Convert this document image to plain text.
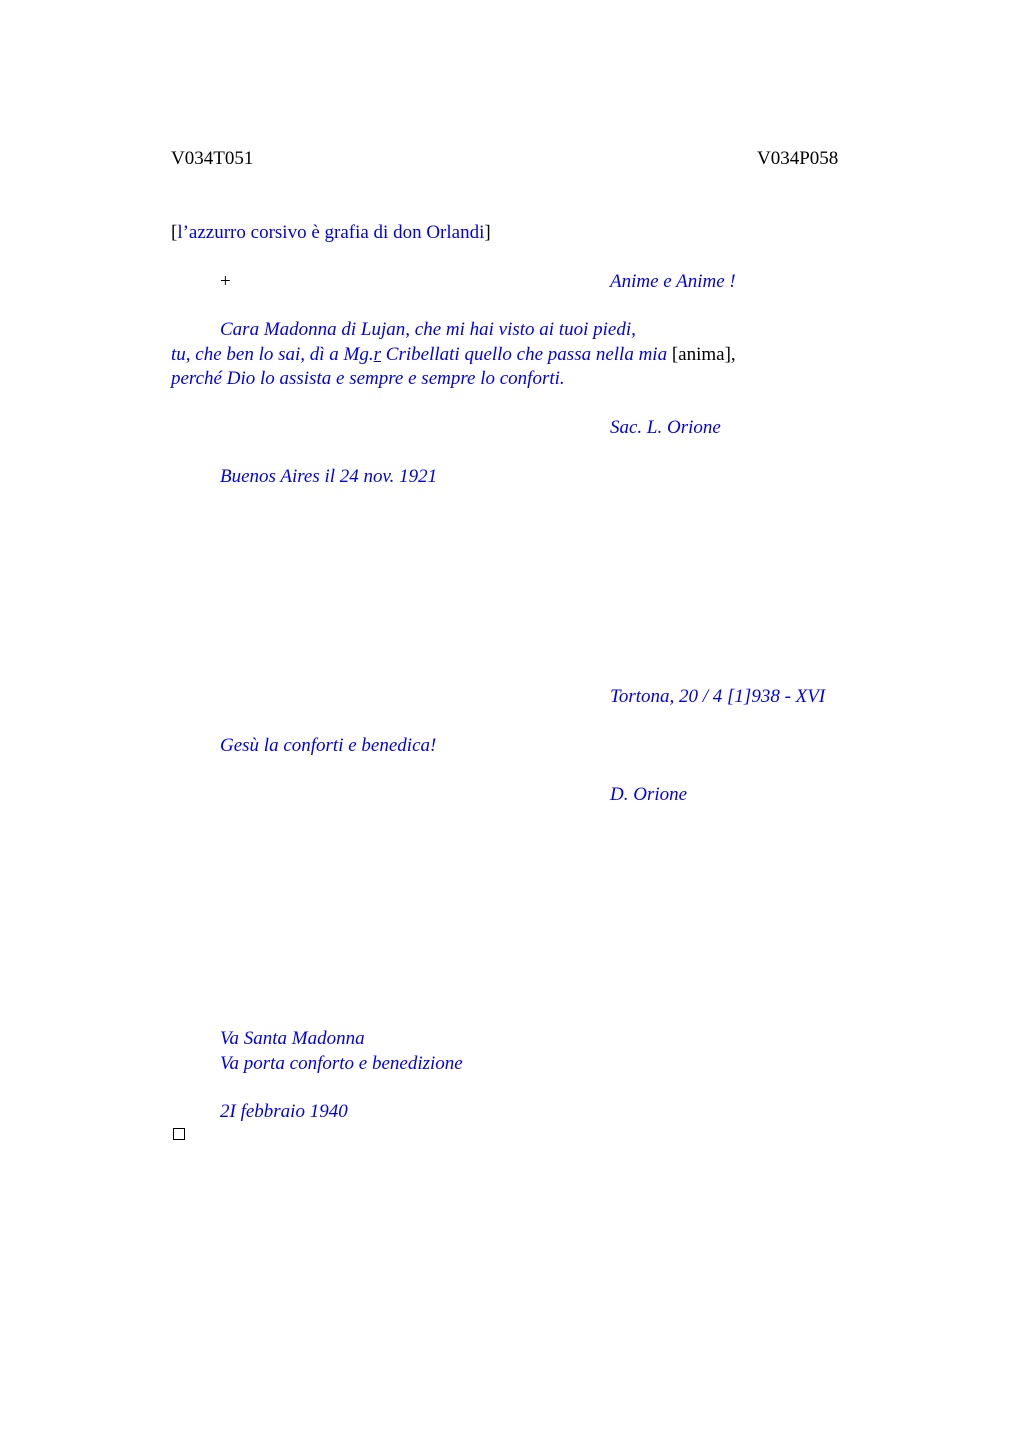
V034T051	V034P058
[l’azzurro corsivo è grafia di don Orlandi]
+	Anime e Anime !
Cara Madonna di Lujan, che mi hai visto ai tuoi piedi,
tu, che ben lo sai, dì a Mg.r Cribellati quello che passa nella mia [anima],
perché Dio lo assista e sempre e sempre lo conforti.
Sac. L. Orione
Buenos Aires il 24 nov. 1921
Tortona, 20 / 4 [1]938 - XVI
Gesù la conforti e benedica!
D. Orione
Va Santa Madonna
Va porta conforto e benedizione
2I febbraio 1940
